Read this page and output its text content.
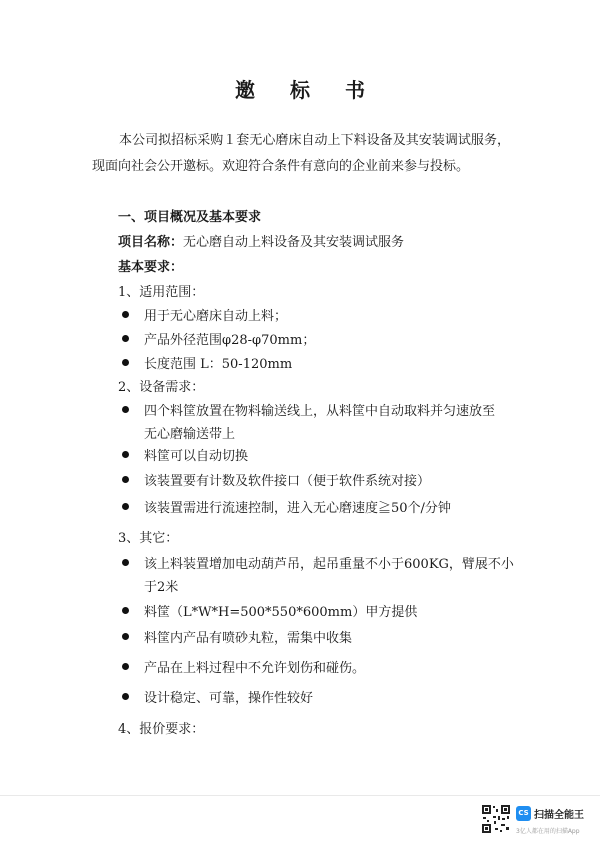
邀 标 书
本公司拟招标采购１套无心磨床自动上下料设备及其安装调试服务，现面向社会公开邀标。欢迎符合条件有意向的企业前来参与投标。
一、项目概况及基本要求
项目名称：无心磨自动上料设备及其安装调试服务
基本要求：
1、适用范围：
用于无心磨床自动上料；
产品外径范围φ28-φ70mm；
长度范围 L：50-120mm
2、设备需求：
四个料筐放置在物料输送线上，从料筐中自动取料并匀速放至
无心磨输送带上
料筐可以自动切换
该装置要有计数及软件接口（便于软件系统对接）
该装置需进行流速控制，进入无心磨速度≧50个/分钟
3、其它：
该上料装置增加电动葫芦吊，起吊重量不小于600KG，臂展不小
于2米
料筐（L*W*H=500*550*600mm）甲方提供
料筐内产品有喷砂丸粒，需集中收集
产品在上料过程中不允许划伤和碰伤。
设计稳定、可靠，操作性较好
4、报价要求：
CS 扫描全能王
3亿人都在用的扫描App
